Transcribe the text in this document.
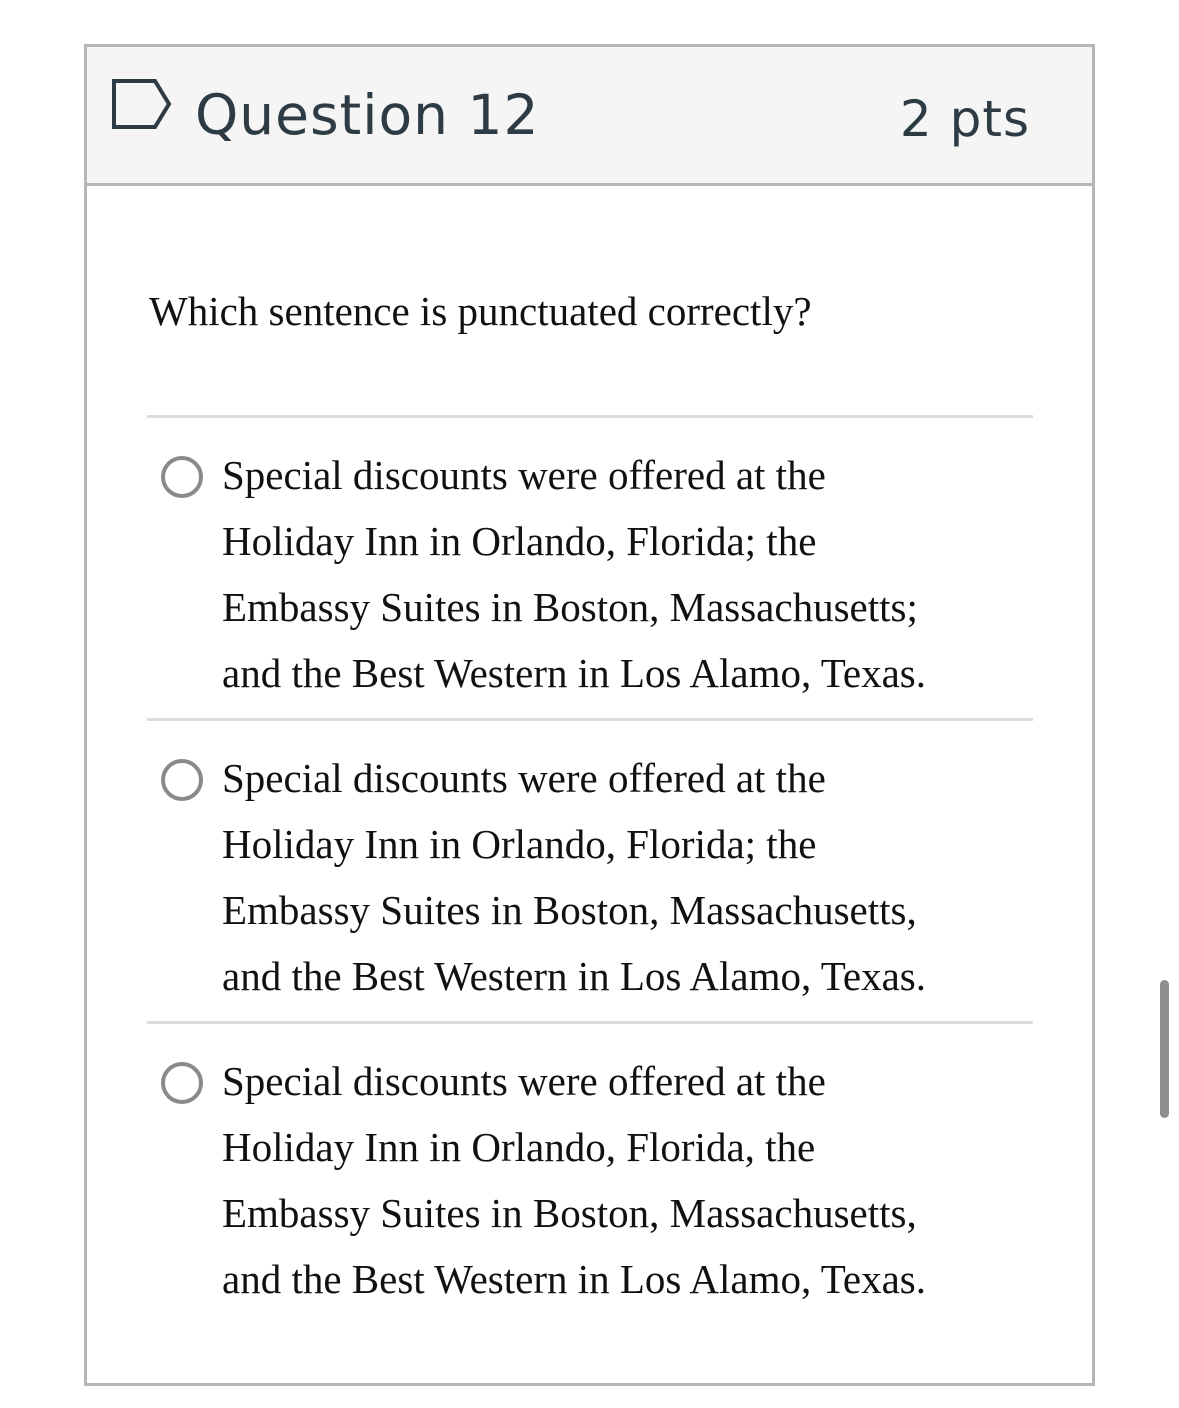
Question 12	2 pts
Which sentence is punctuated correctly?
Special discounts were offered at the
Holiday Inn in Orlando, Florida; the
Embassy Suites in Boston, Massachusetts;
and the Best Western in Los Alamo, Texas.
Special discounts were offered at the
Holiday Inn in Orlando, Florida; the
Embassy Suites in Boston, Massachusetts,
and the Best Western in Los Alamo, Texas.
Special discounts were offered at the
Holiday Inn in Orlando, Florida, the
Embassy Suites in Boston, Massachusetts,
and the Best Western in Los Alamo, Texas.
